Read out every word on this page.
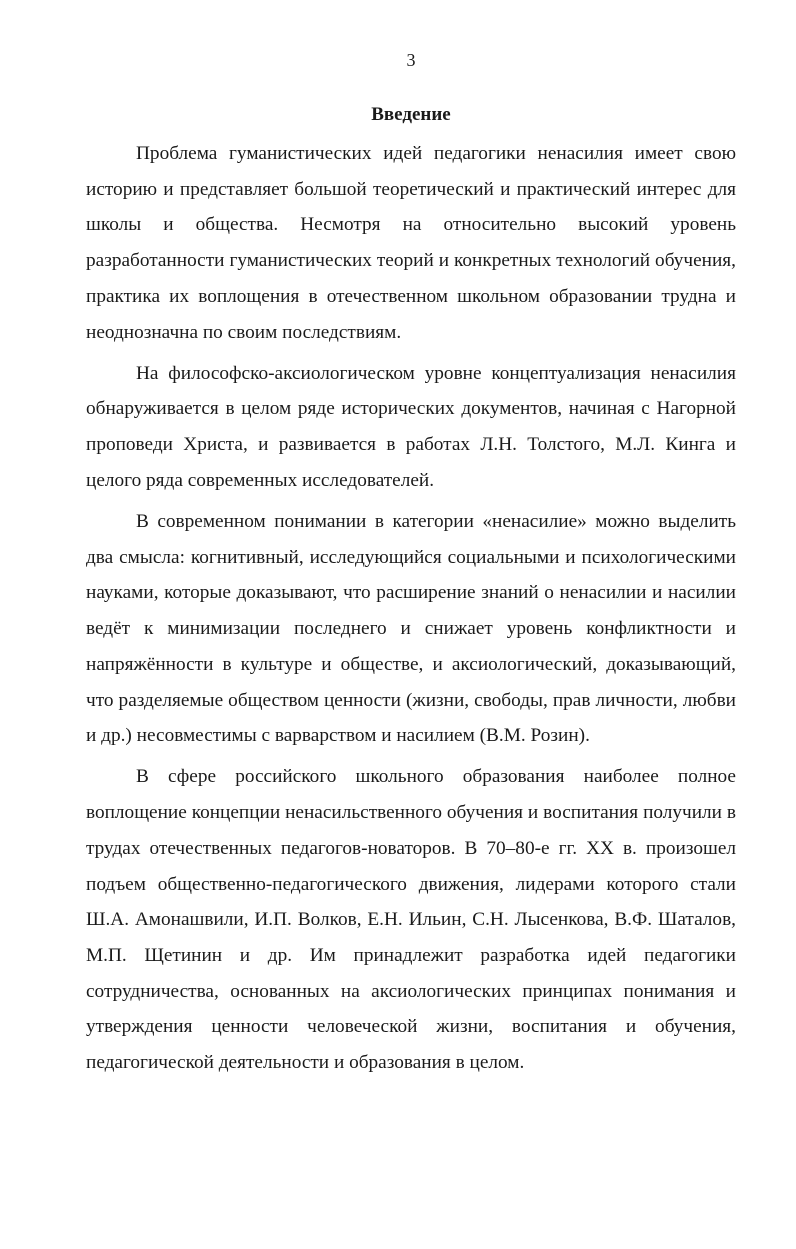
3
Введение

Проблема гуманистических идей педагогики ненасилия имеет свою историю и представляет большой теоретический и практический интерес для школы и общества. Несмотря на относительно высокий уровень разработанности гуманистических теорий и конкретных технологий обучения, практика их воплощения в отечественном школьном образовании трудна и неоднозначна по своим последствиям.

На философско-аксиологическом уровне концептуализация ненасилия обнаруживается в целом ряде исторических документов, начиная с Нагорной проповеди Христа, и развивается в работах Л.Н. Толстого, М.Л. Кинга и целого ряда современных исследователей.

В современном понимании в категории «ненасилие» можно выделить два смысла: когнитивный, исследующийся социальными и психологическими науками, которые доказывают, что расширение знаний о ненасилии и насилии ведёт к минимизации последнего и снижает уровень конфликтности и напряжённости в культуре и обществе, и аксиологический, доказывающий, что разделяемые обществом ценности (жизни, свободы, прав личности, любви и др.) несовместимы с варварством и насилием (В.М. Розин).

В сфере российского школьного образования наиболее полное воплощение концепции ненасильственного обучения и воспитания получили в трудах отечественных педагогов-новаторов. В 70–80-е гг. XX в. произошел подъем общественно-педагогического движения, лидерами которого стали Ш.А. Амонашвили, И.П. Волков, Е.Н. Ильин, С.Н. Лысенкова, В.Ф. Шаталов, М.П. Щетинин и др. Им принадлежит разработка идей педагогики сотрудничества, основанных на аксиологических принципах понимания и утверждения ценности человеческой жизни, воспитания и обучения, педагогической деятельности и образования в целом.
